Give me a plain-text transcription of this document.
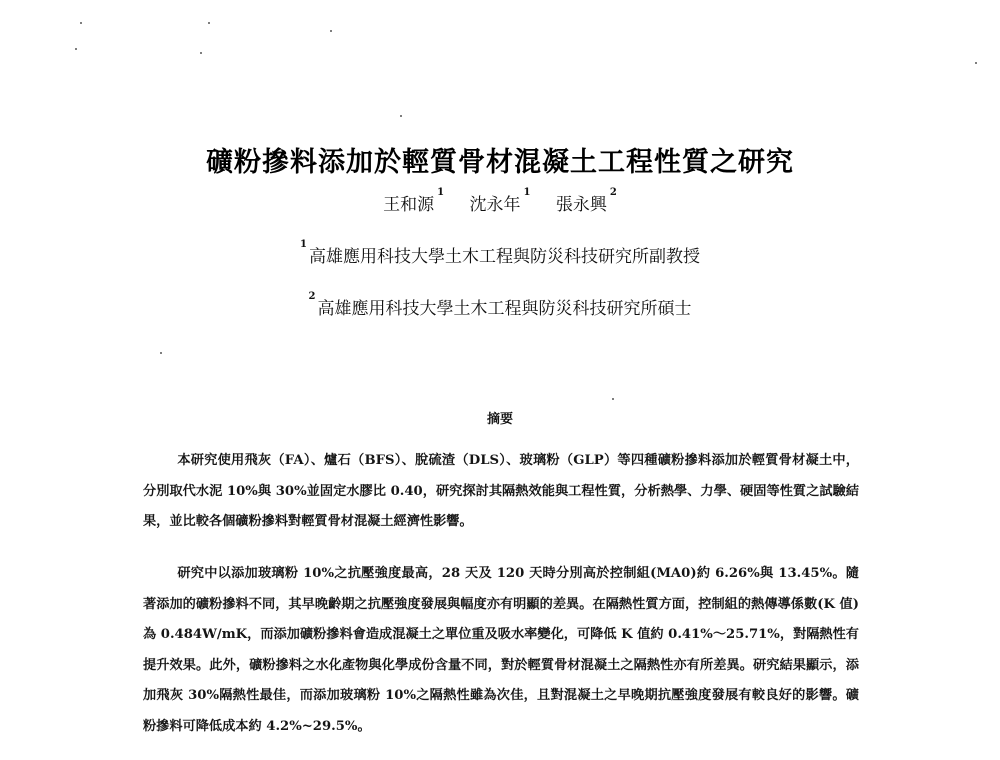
礦粉摻料添加於輕質骨材混凝土工程性質之研究
王和源$^1$ 沈永年$^1$ 張永興$^2$
$^1$高雄應用科技大學土木工程與防災科技研究所副教授
$^2$高雄應用科技大學土木工程與防災科技研究所碩士
摘要

本研究使用飛灰（FA）、爐石（BFS）、脫硫渣（DLS）、玻璃粉（GLP）等四種礦粉摻料添加於輕質骨材凝土中，分別取代水泥 10%與 30%並固定水膠比 0.40，研究探討其隔熱效能與工程性質，分析熱學、力學、硬固等性質之試驗結果，並比較各個礦粉摻料對輕質骨材混凝土經濟性影響。

研究中以添加玻璃粉 10%之抗壓強度最高，28 天及 120 天時分別高於控制組(MA0)約 6.26%與 13.45%。隨著添加的礦粉摻料不同，其早晚齡期之抗壓強度發展與幅度亦有明顯的差異。在隔熱性質方面，控制組的熱傳導係數(K 值)為 0.484W/mK，而添加礦粉摻料會造成混凝土之單位重及吸水率變化，可降低 K 值約 0.41%～25.71%，對隔熱性有提升效果。此外，礦粉摻料之水化產物與化學成份含量不同，對於輕質骨材混凝土之隔熱性亦有所差異。研究結果顯示，添加飛灰 30%隔熱性最佳，而添加玻璃粉 10%之隔熱性雖為次佳，且對混凝土之早晚期抗壓強度發展有較良好的影響。礦粉摻料可降低成本約 4.2%~29.5%。
